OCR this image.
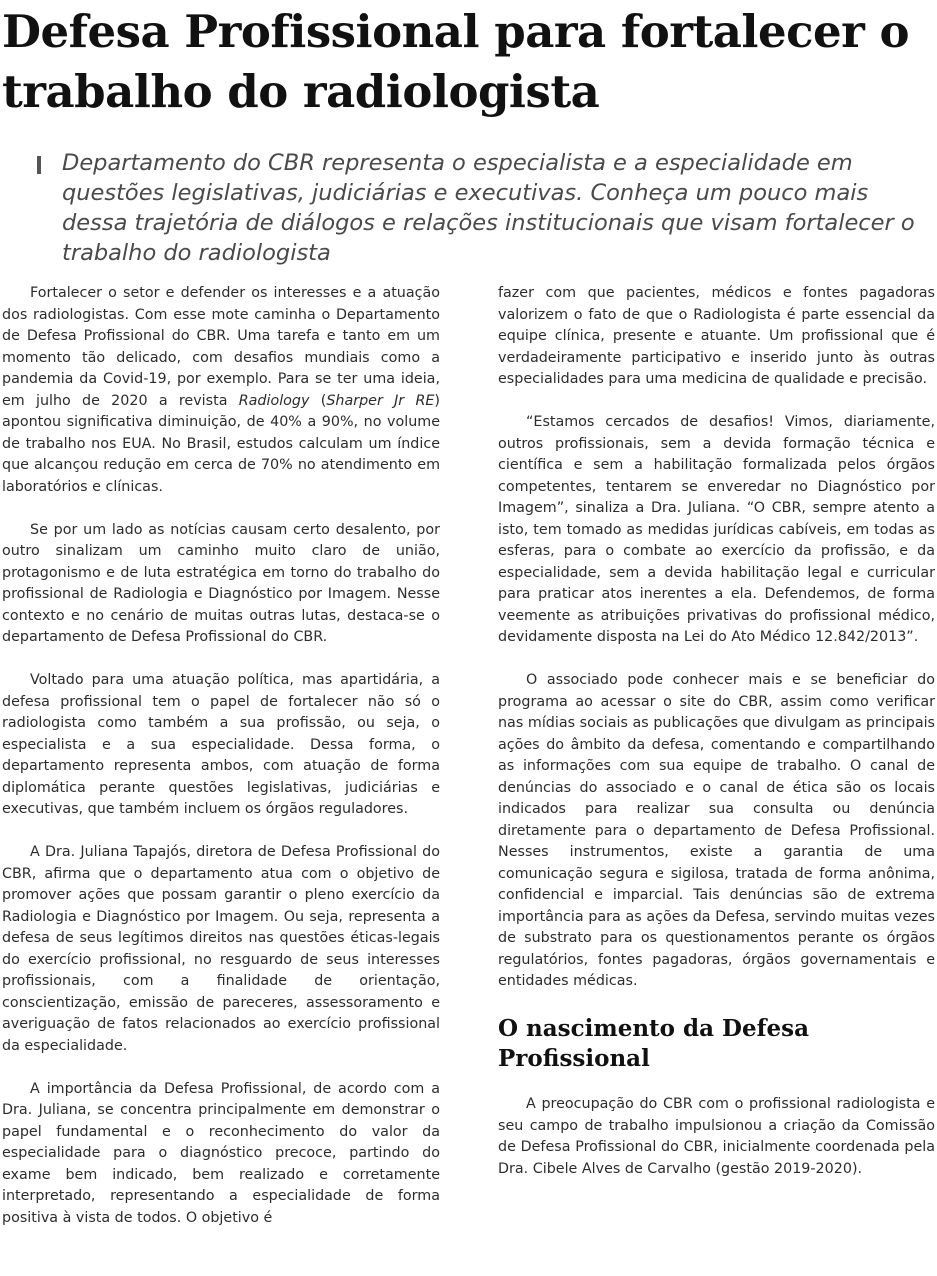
Defesa Profissional para fortalecer o trabalho do radiologista

Departamento do CBR representa o especialista e a especialidade em questões legislativas, judiciárias e executivas. Conheça um pouco mais dessa trajetória de diálogos e relações institucionais que visam fortalecer o trabalho do radiologista

Fortalecer o setor e defender os interesses e a atuação dos radiologistas. Com esse mote caminha o Departamento de Defesa Profissional do CBR. Uma tarefa e tanto em um momento tão delicado, com desafios mundiais como a pandemia da Covid-19, por exemplo. Para se ter uma ideia, em julho de 2020 a revista Radiology (Sharper Jr RE) apontou significativa diminuição, de 40% a 90%, no volume de trabalho nos EUA. No Brasil, estudos calculam um índice que alcançou redução em cerca de 70% no atendimento em laboratórios e clínicas.

Se por um lado as notícias causam certo desalento, por outro sinalizam um caminho muito claro de união, protagonismo e de luta estratégica em torno do trabalho do profissional de Radiologia e Diagnóstico por Imagem. Nesse contexto e no cenário de muitas outras lutas, destaca-se o departamento de Defesa Profissional do CBR.

Voltado para uma atuação política, mas apartidária, a defesa profissional tem o papel de fortalecer não só o radiologista como também a sua profissão, ou seja, o especialista e a sua especialidade. Dessa forma, o departamento representa ambos, com atuação de forma diplomática perante questões legislativas, judiciárias e executivas, que também incluem os órgãos reguladores.

A Dra. Juliana Tapajós, diretora de Defesa Profissional do CBR, afirma que o departamento atua com o objetivo de promover ações que possam garantir o pleno exercício da Radiologia e Diagnóstico por Imagem. Ou seja, representa a defesa de seus legítimos direitos nas questões éticas-legais do exercício profissional, no resguardo de seus interesses profissionais, com a finalidade de orientação, conscientização, emissão de pareceres, assessoramento e averiguação de fatos relacionados ao exercício profissional da especialidade.

A importância da Defesa Profissional, de acordo com a Dra. Juliana, se concentra principalmente em demonstrar o papel fundamental e o reconhecimento do valor da especialidade para o diagnóstico precoce, partindo do exame bem indicado, bem realizado e corretamente interpretado, representando a especialidade de forma positiva à vista de todos. O objetivo é

fazer com que pacientes, médicos e fontes pagadoras valorizem o fato de que o Radiologista é parte essencial da equipe clínica, presente e atuante. Um profissional que é verdadeiramente participativo e inserido junto às outras especialidades para uma medicina de qualidade e precisão.

“Estamos cercados de desafios! Vimos, diariamente, outros profissionais, sem a devida formação técnica e científica e sem a habilitação formalizada pelos órgãos competentes, tentarem se enveredar no Diagnóstico por Imagem”, sinaliza a Dra. Juliana. “O CBR, sempre atento a isto, tem tomado as medidas jurídicas cabíveis, em todas as esferas, para o combate ao exercício da profissão, e da especialidade, sem a devida habilitação legal e curricular para praticar atos inerentes a ela. Defendemos, de forma veemente as atribuições privativas do profissional médico, devidamente disposta na Lei do Ato Médico 12.842/2013”.

O associado pode conhecer mais e se beneficiar do programa ao acessar o site do CBR, assim como verificar nas mídias sociais as publicações que divulgam as principais ações do âmbito da defesa, comentando e compartilhando as informações com sua equipe de trabalho. O canal de denúncias do associado e o canal de ética são os locais indicados para realizar sua consulta ou denúncia diretamente para o departamento de Defesa Profissional. Nesses instrumentos, existe a garantia de uma comunicação segura e sigilosa, tratada de forma anônima, confidencial e imparcial. Tais denúncias são de extrema importância para as ações da Defesa, servindo muitas vezes de substrato para os questionamentos perante os órgãos regulatórios, fontes pagadoras, órgãos governamentais e entidades médicas.

O nascimento da Defesa Profissional

A preocupação do CBR com o profissional radiologista e seu campo de trabalho impulsionou a criação da Comissão de Defesa Profissional do CBR, inicialmente coordenada pela Dra. Cibele Alves de Carvalho (gestão 2019-2020).
